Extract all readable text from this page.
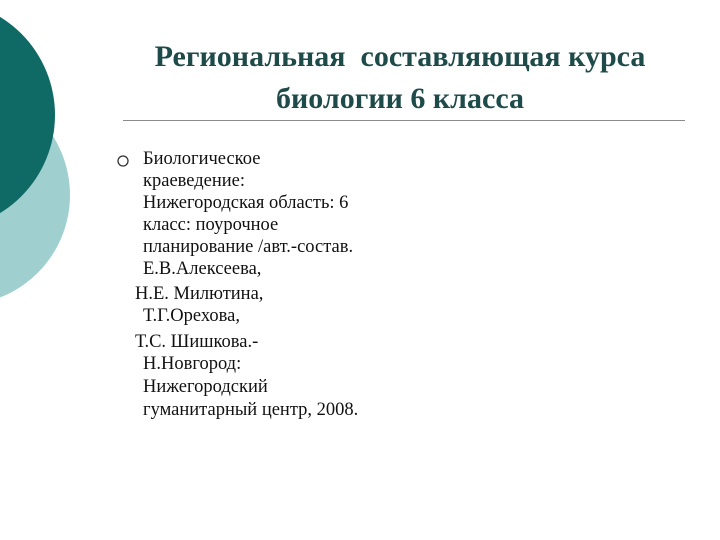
Региональная  составляющая курса
биологии 6 класса
Биологическое
краеведение:
Нижегородская область: 6
класс: поурочное
планирование /авт.-состав.
Е.В.Алексеева,
Н.Е. Милютина,
Т.Г.Орехова,
Т.С. Шишкова.-
Н.Новгород:
Нижегородский
гуманитарный центр, 2008.
